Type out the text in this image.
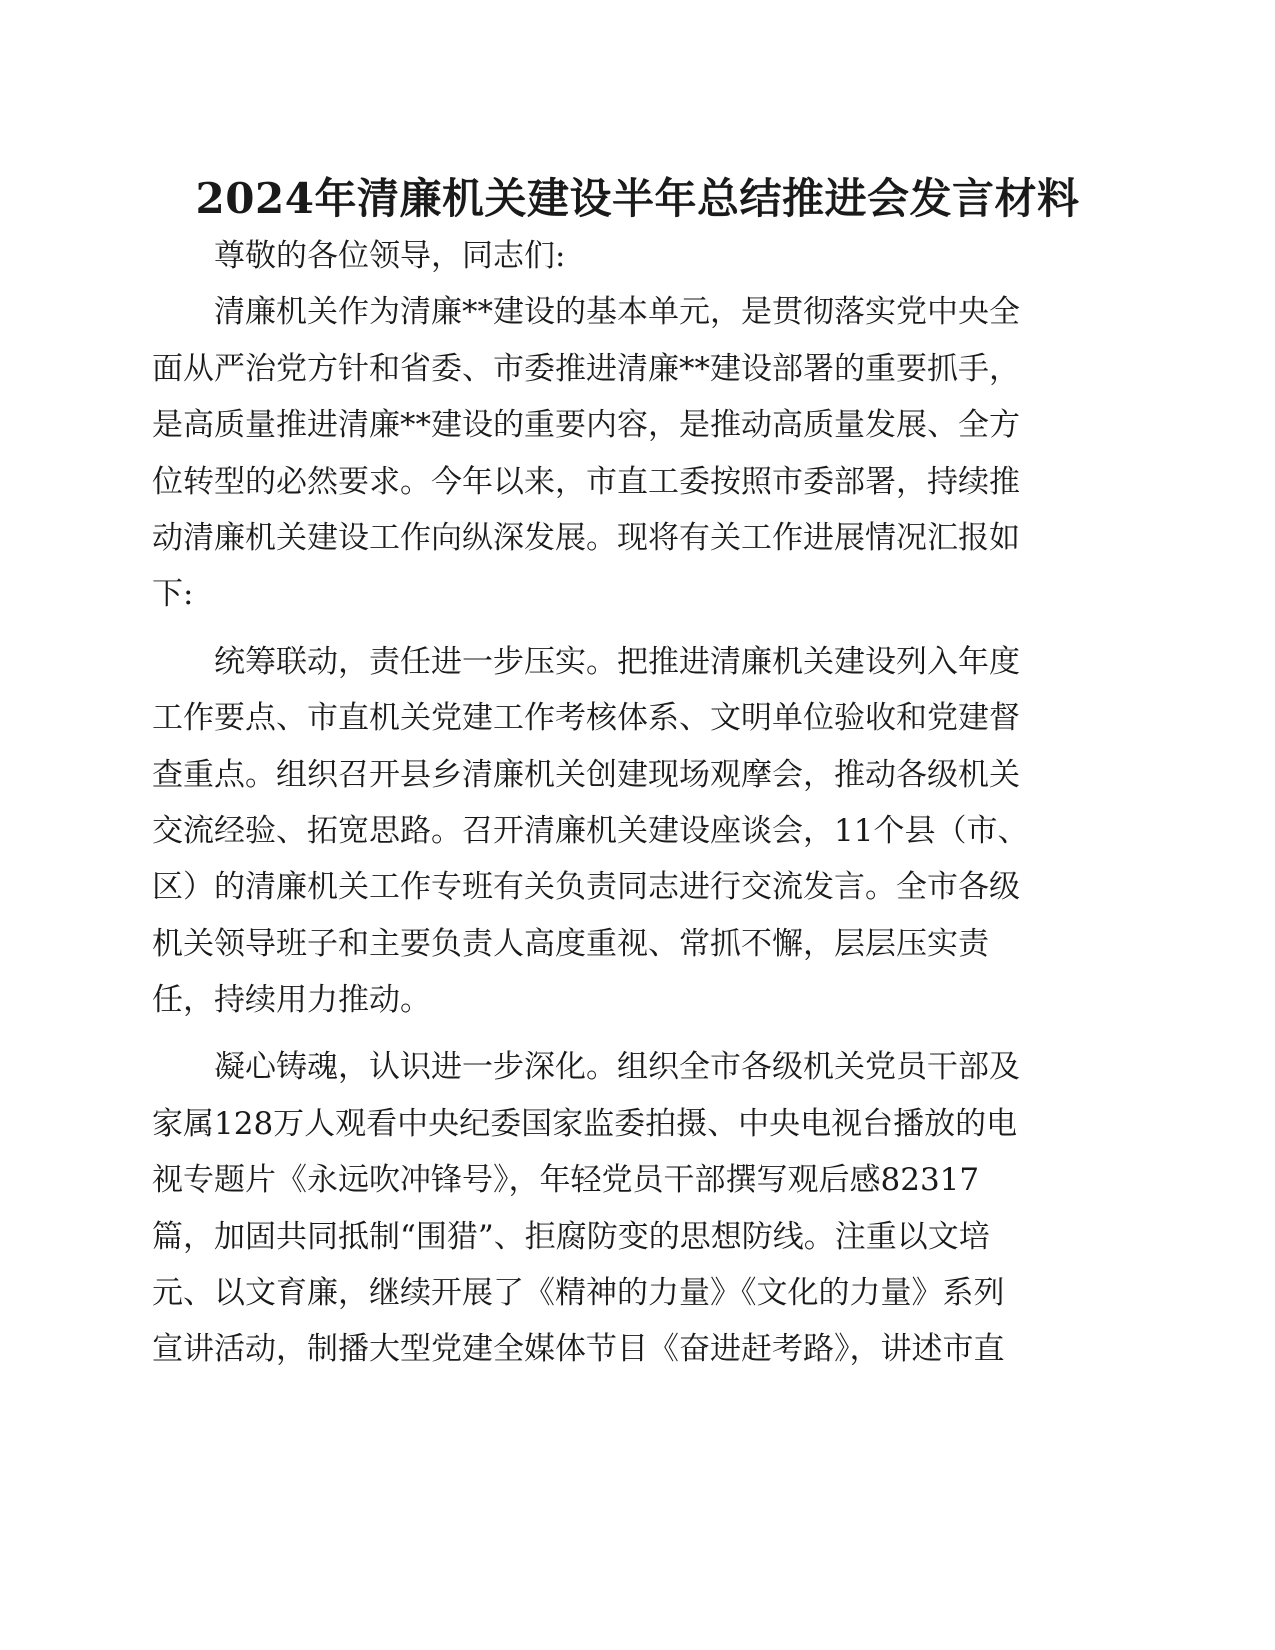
2024年清廉机关建设半年总结推进会发言材料
尊敬的各位领导，同志们:
清廉机关作为清廉**建设的基本单元，是贯彻落实党中央全
面从严治党方针和省委、市委推进清廉**建设部署的重要抓手，
是高质量推进清廉**建设的重要内容，是推动高质量发展、全方
位转型的必然要求。今年以来，市直工委按照市委部署，持续推
动清廉机关建设工作向纵深发展。现将有关工作进展情况汇报如
下:
统筹联动，责任进一步压实。把推进清廉机关建设列入年度
工作要点、市直机关党建工作考核体系、文明单位验收和党建督
查重点。组织召开县乡清廉机关创建现场观摩会，推动各级机关
交流经验、拓宽思路。召开清廉机关建设座谈会，11个县（市、
区）的清廉机关工作专班有关负责同志进行交流发言。全市各级
机关领导班子和主要负责人高度重视、常抓不懈，层层压实责
任，持续用力推动。
凝心铸魂，认识进一步深化。组织全市各级机关党员干部及
家属128万人观看中央纪委国家监委拍摄、中央电视台播放的电
视专题片《永远吹冲锋号》，年轻党员干部撰写观后感82317
篇，加固共同抵制“围猎”、拒腐防变的思想防线。注重以文培
元、以文育廉，继续开展了《精神的力量》《文化的力量》系列
宣讲活动，制播大型党建全媒体节目《奋进赶考路》，讲述市直
